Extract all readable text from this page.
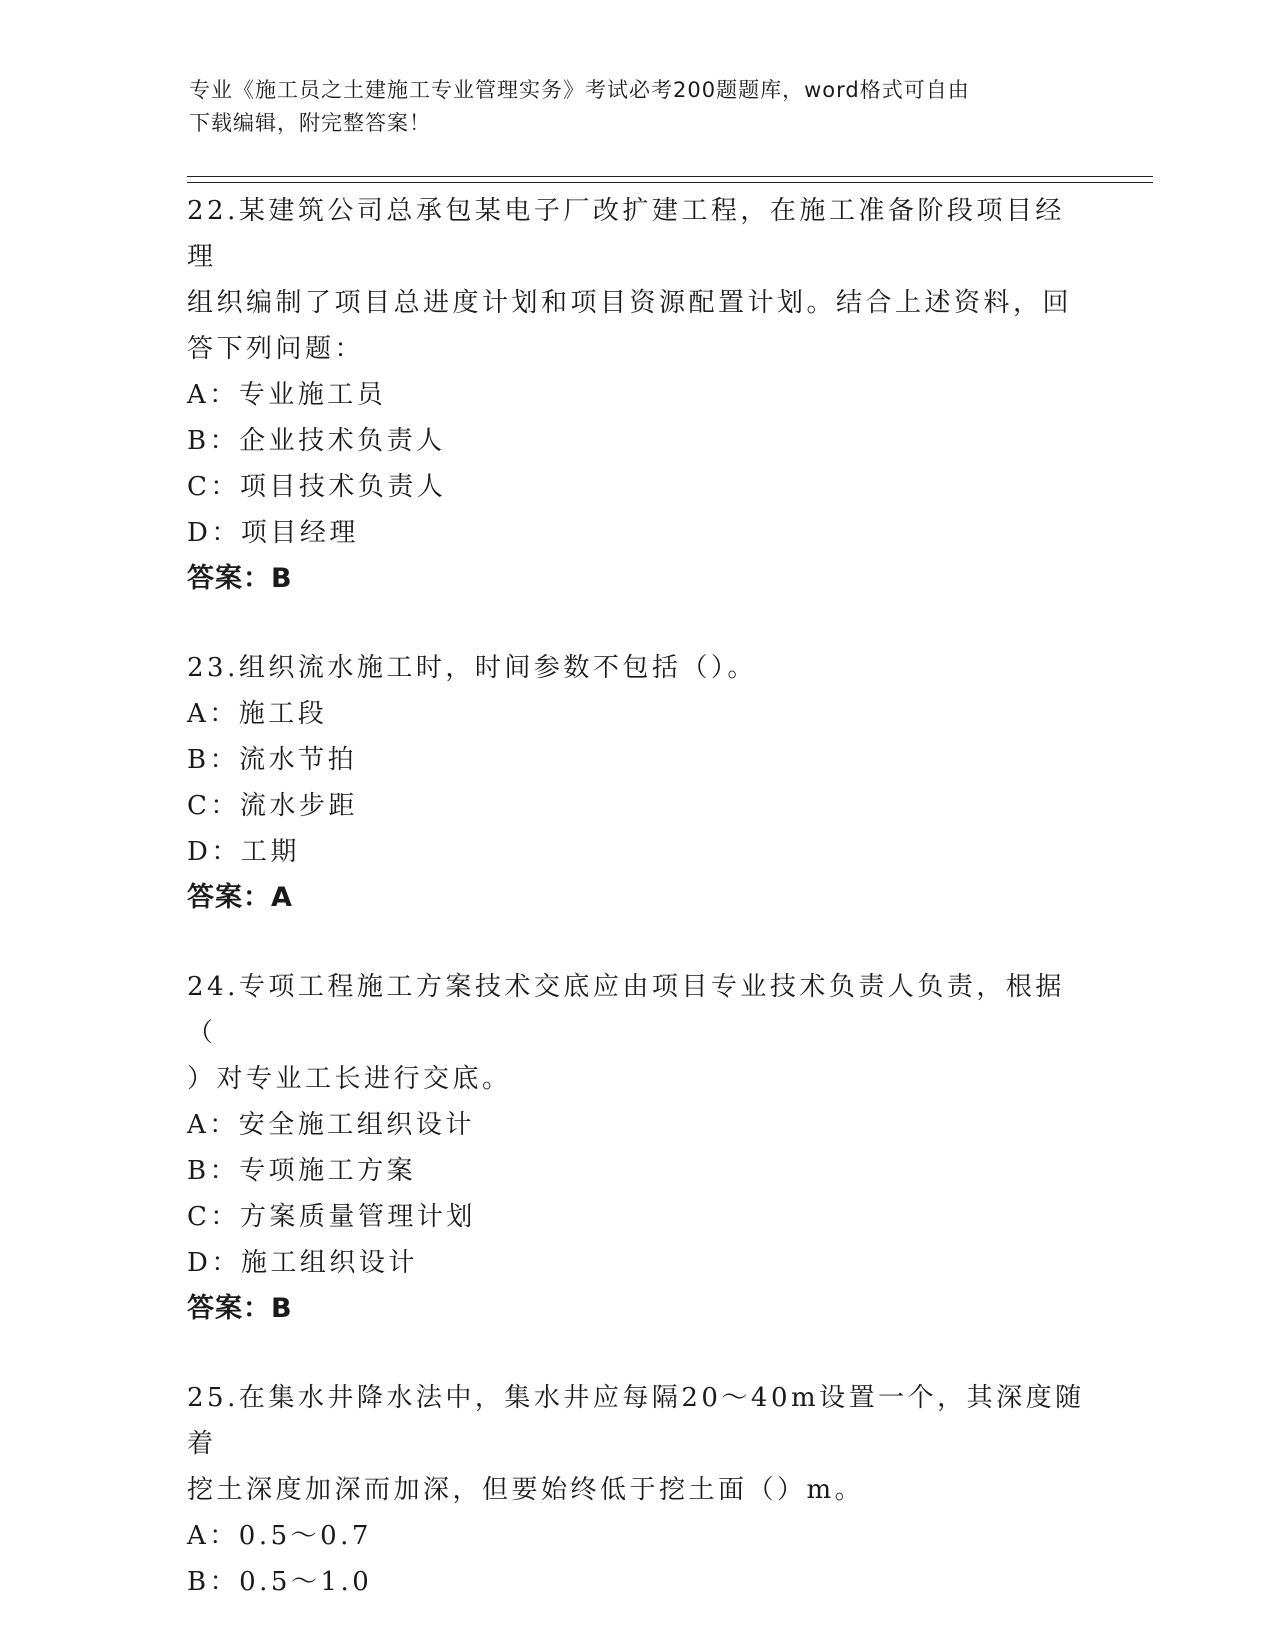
专业《施工员之土建施工专业管理实务》考试必考200题题库，word格式可自由
下载编辑，附完整答案！

22.某建筑公司总承包某电子厂改扩建工程，在施工准备阶段项目经理

组织编制了项目总进度计划和项目资源配置计划。结合上述资料，回

答下列问题：

A：专业施工员

B：企业技术负责人

C：项目技术负责人

D：项目经理

答案：B

23.组织流水施工时，时间参数不包括（）。

A：施工段

B：流水节拍

C：流水步距

D：工期

答案：A

24.专项工程施工方案技术交底应由项目专业技术负责人负责，根据（

）对专业工长进行交底。

A：安全施工组织设计

B：专项施工方案

C：方案质量管理计划

D：施工组织设计

答案：B

25.在集水井降水法中，集水井应每隔20～40m设置一个，其深度随着

挖土深度加深而加深，但要始终低于挖土面（）m。

A：0.5～0.7

B：0.5～1.0
